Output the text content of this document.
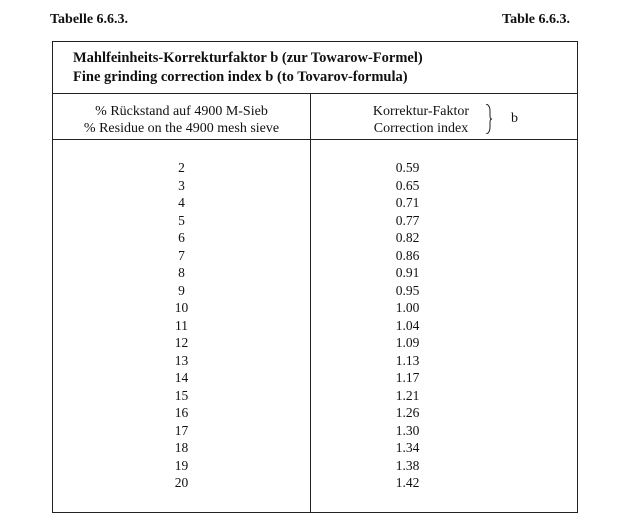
Tabelle 6.6.3.	Table 6.6.3.
Mahlfeinheits-Korrekturfaktor b (zur Towarow-Formel)
Fine grinding correction index b (to Tovarov-formula)
% Rückstand auf 4900 M-Sieb
% Residue on the 4900 mesh sieve
Korrektur-Faktor
Correction index
b
2
3
4
5
6
7
8
9
10
11
12
13
14
15
16
17
18
19
20
0.59
0.65
0.71
0.77
0.82
0.86
0.91
0.95
1.00
1.04
1.09
1.13
1.17
1.21
1.26
1.30
1.34
1.38
1.42
